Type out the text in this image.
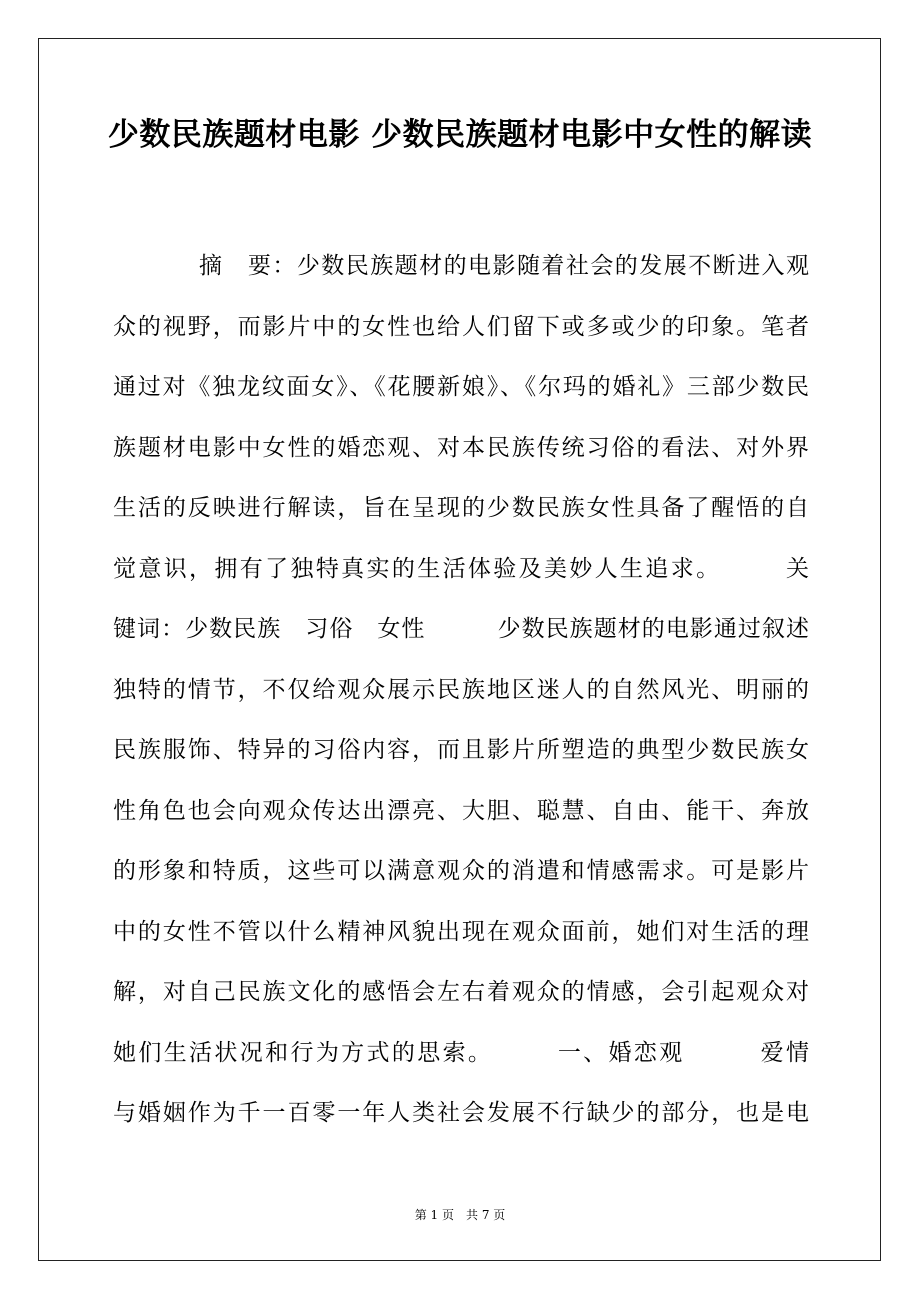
少数民族题材电影 少数民族题材电影中女性的解读
摘　要：少数民族题材的电影随着社会的发展不断进入观
众的视野，而影片中的女性也给人们留下或多或少的印象。笔者
通过对《独龙纹面女》、《花腰新娘》、《尔玛的婚礼》三部少数民
族题材电影中女性的婚恋观、对本民族传统习俗的看法、对外界
生活的反映进行解读，旨在呈现的少数民族女性具备了醒悟的自
觉意识，拥有了独特真实的生活体验及美妙人生追求。　　　关
键词：少数民族　习俗　女性　　　少数民族题材的电影通过叙述
独特的情节，不仅给观众展示民族地区迷人的自然风光、明丽的
民族服饰、特异的习俗内容，而且影片所塑造的典型少数民族女
性角色也会向观众传达出漂亮、大胆、聪慧、自由、能干、奔放
的形象和特质，这些可以满意观众的消遣和情感需求。可是影片
中的女性不管以什么精神风貌出现在观众面前，她们对生活的理
解，对自己民族文化的感悟会左右着观众的情感，会引起观众对
她们生活状况和行为方式的思索。　　　一、婚恋观　　　爱情
与婚姻作为千一百零一年人类社会发展不行缺少的部分，也是电
第 1 页　共 7 页
